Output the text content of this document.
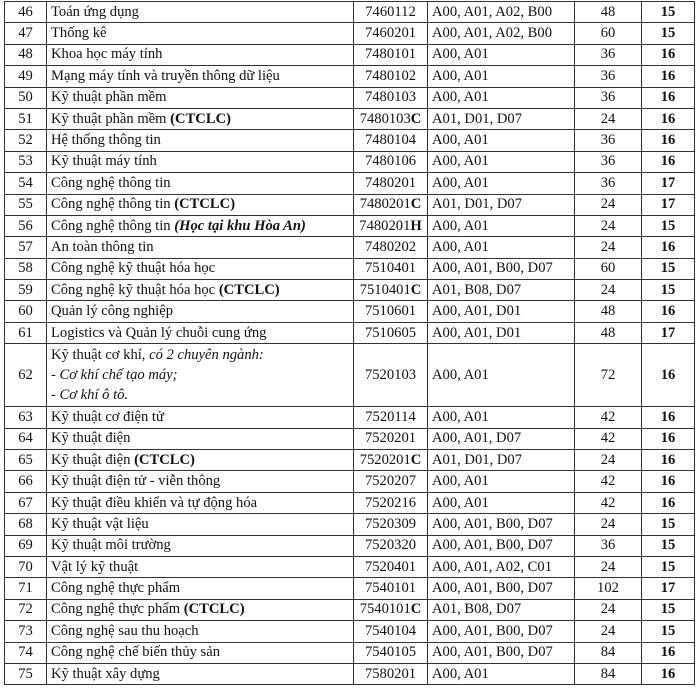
46	Toán ứng dụng	7460112	A00, A01, A02, B00	48	15
47	Thống kê	7460201	A00, A01, A02, B00	60	15
48	Khoa học máy tính	7480101	A00, A01	36	16
49	Mạng máy tính và truyền thông dữ liệu	7480102	A00, A01	36	16
50	Kỹ thuật phần mềm	7480103	A00, A01	36	16
51	Kỹ thuật phần mềm (CTCLC)	7480103C	A01, D01, D07	24	16
52	Hệ thống thông tin	7480104	A00, A01	36	16
53	Kỹ thuật máy tính	7480106	A00, A01	36	16
54	Công nghệ thông tin	7480201	A00, A01	36	17
55	Công nghệ thông tin (CTCLC)	7480201C	A01, D01, D07	24	17
56	Công nghệ thông tin (Học tại khu Hòa An)	7480201H	A00, A01	24	15
57	An toàn thông tin	7480202	A00, A01	24	16
58	Công nghệ kỹ thuật hóa học	7510401	A00, A01, B00, D07	60	15
59	Công nghệ kỹ thuật hóa học (CTCLC)	7510401C	A01, B08, D07	24	15
60	Quản lý công nghiệp	7510601	A00, A01, D01	48	16
61	Logistics và Quản lý chuỗi cung ứng	7510605	A00, A01, D01	48	17
62	Kỹ thuật cơ khí, có 2 chuyên ngành:
- Cơ khí chế tạo máy;
- Cơ khí ô tô.	7520103	A00, A01	72	16
63	Kỹ thuật cơ điện tử	7520114	A00, A01	42	16
64	Kỹ thuật điện	7520201	A00, A01, D07	42	16
65	Kỹ thuật điện (CTCLC)	7520201C	A01, D01, D07	24	16
66	Kỹ thuật điện tử - viễn thông	7520207	A00, A01	42	16
67	Kỹ thuật điều khiển và tự động hóa	7520216	A00, A01	42	16
68	Kỹ thuật vật liệu	7520309	A00, A01, B00, D07	24	15
69	Kỹ thuật môi trường	7520320	A00, A01, B00, D07	36	15
70	Vật lý kỹ thuật	7520401	A00, A01, A02, C01	24	15
71	Công nghệ thực phẩm	7540101	A00, A01, B00, D07	102	17
72	Công nghệ thực phẩm (CTCLC)	7540101C	A01, B08, D07	24	15
73	Công nghệ sau thu hoạch	7540104	A00, A01, B00, D07	24	15
74	Công nghệ chế biến thủy sản	7540105	A00, A01, B00, D07	84	16
75	Kỹ thuật xây dựng	7580201	A00, A01	84	16
